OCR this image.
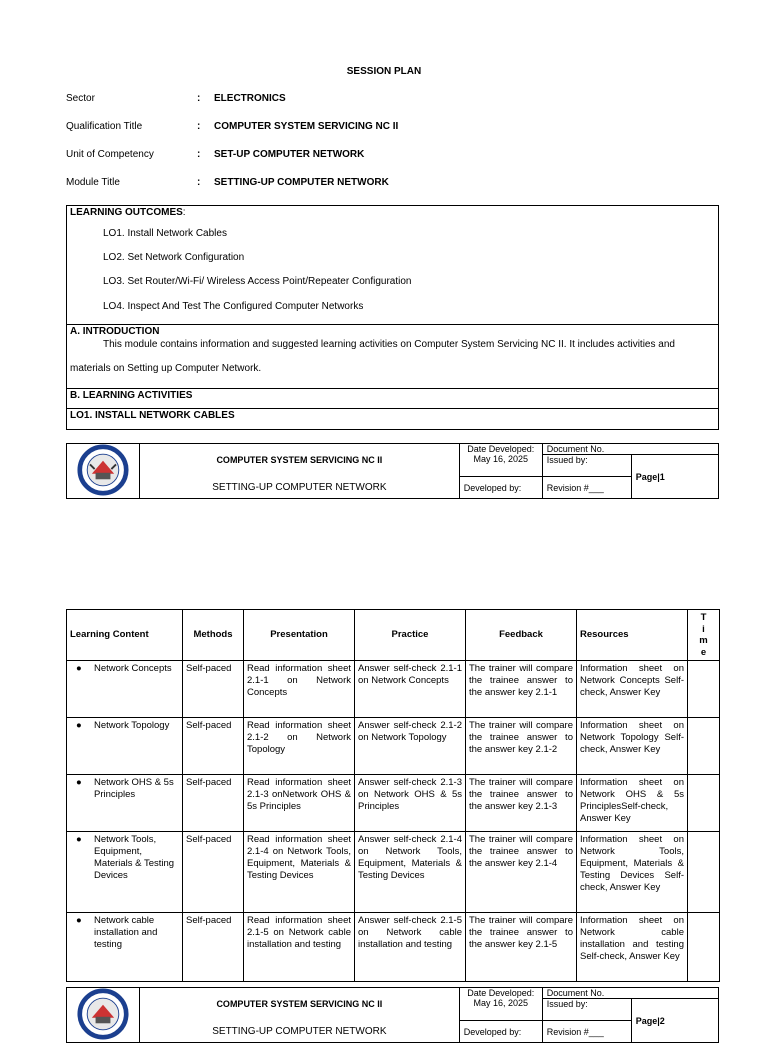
SESSION PLAN
Sector	: ELECTRONICS
Qualification Title	: COMPUTER SYSTEM SERVICING NC II
Unit of Competency	: SET-UP COMPUTER NETWORK
Module Title	: SETTING-UP COMPUTER NETWORK
LEARNING OUTCOMES:
LO1. Install Network Cables
LO2. Set Network Configuration
LO3. Set Router/Wi-Fi/ Wireless Access Point/Repeater Configuration
LO4. Inspect And Test The Configured Computer Networks
A. INTRODUCTION
This module contains information and suggested learning activities on Computer System Servicing NC II. It includes activities and
materials on Setting up Computer Network.
B. LEARNING ACTIVITIES
LO1. INSTALL NETWORK CABLES
	COMPUTER SYSTEM SERVICING NC II	Date Developed:
May 16, 2025	Document No.	
			Issued by:	Page|1
	SETTING-UP COMPUTER NETWORK	Developed by:	Revision #___	
Learning Content	Methods	Presentation	Practice	Feedback	Resources	T i m e

● Network Concepts	Self-paced	Read information sheet 2.1-1 on Network Concepts	Answer self-check 2.1-1 on Network Concepts	The trainer will compare the trainee answer to the answer key 2.1-1	Information sheet on Network Concepts Self-check, Answer Key	

● Network Topology	Self-paced	Read information sheet 2.1-2 on Network Topology	Answer self-check 2.1-2 on Network Topology	The trainer will compare the trainee answer to the answer key 2.1-2	Information sheet on Network Topology Self-check, Answer Key	

● Network OHS & 5s Principles	Self-paced	Read information sheet 2.1-3 onNetwork OHS & 5s Principles	Answer self-check 2.1-3 on Network OHS & 5s Principles	The trainer will compare the trainee answer to the answer key 2.1-3	Information sheet on Network OHS & 5s PrinciplesSelf-check, Answer Key	

● Network Tools, Equipment, Materials & Testing Devices	Self-paced	Read information sheet 2.1-4 on Network Tools, Equipment, Materials & Testing Devices	Answer self-check 2.1-4 on Network Tools, Equipment, Materials & Testing Devices	The trainer will compare the trainee answer to the answer key 2.1-4	Information sheet on Network Tools, Equipment, Materials & Testing Devices Self-check, Answer Key	

● Network cable installation and testing	Self-paced	Read information sheet 2.1-5 on Network cable installation and testing	Answer self-check 2.1-5 on Network cable installation and testing	The trainer will compare the trainee answer to the answer key 2.1-5	Information sheet on Network cable installation and testing Self-check, Answer Key	
	COMPUTER SYSTEM SERVICING NC II	Date Developed:
May 16, 2025	Document No.	
			Issued by:	Page|2
	SETTING-UP COMPUTER NETWORK	Developed by:	Revision #___	
